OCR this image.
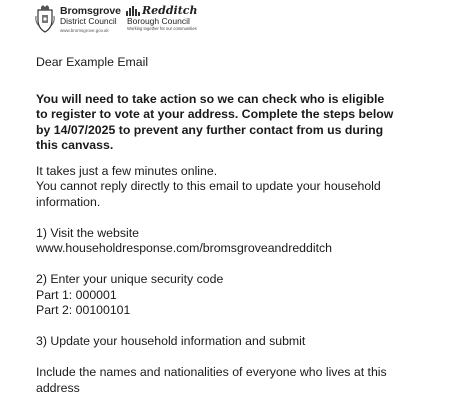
Bromsgrove
District Council
www.bromsgrove.gov.uk
Redditch
Borough Council
Working together for our communities

Dear Example Email

You will need to take action so we can check who is eligible

to register to vote at your address. Complete the steps below

by 14/07/2025 to prevent any further contact from us during

this canvass.

It takes just a few minutes online.

You cannot reply directly to this email to update your household

information.

1) Visit the website

www.householdresponse.com/bromsgroveandredditch

2) Enter your unique security code

Part 1: 000001

Part 2: 00100101

3) Update your household information and submit

Include the names and nationalities of everyone who lives at this

address
